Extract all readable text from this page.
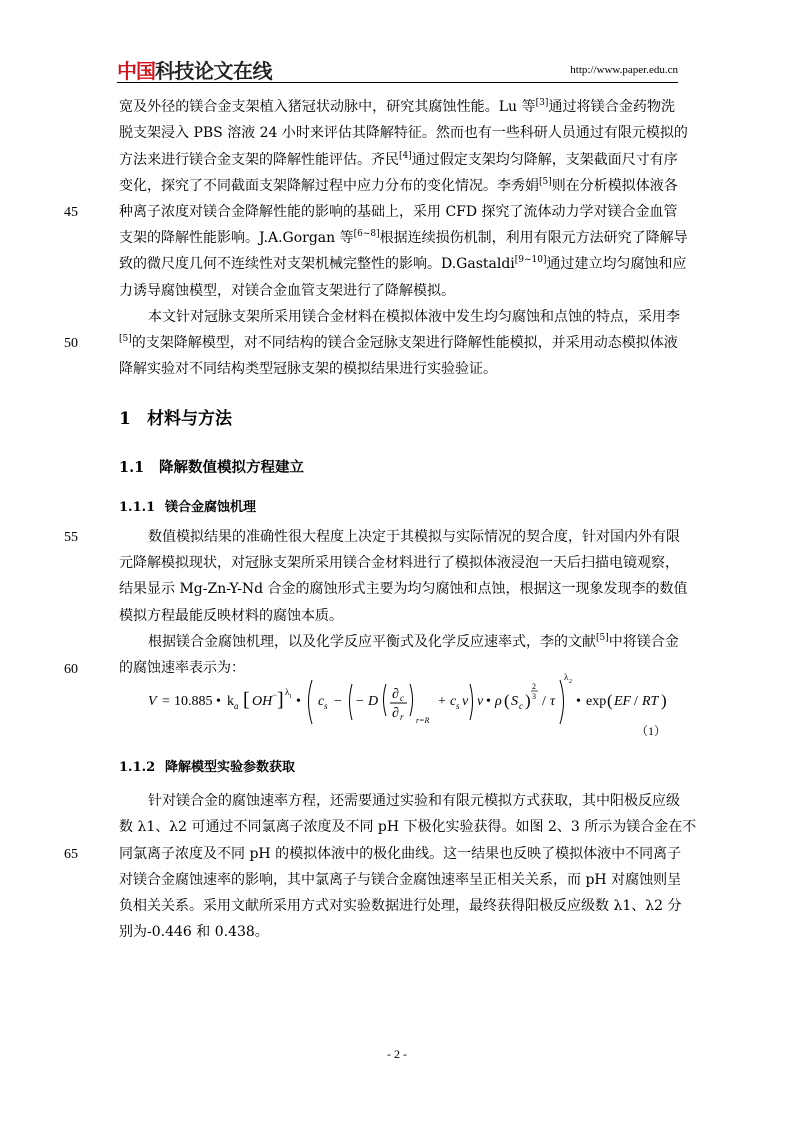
中国 科技论文在线	http://www.paper.edu.cn
宽及外径的镁合金支架植入猪冠状动脉中，研究其腐蚀性能。Lu 等[3]通过将镁合金药物洗
脱支架浸入 PBS 溶液 24 小时来评估其降解特征。然而也有一些科研人员通过有限元模拟的
方法来进行镁合金支架的降解性能评估。齐民[4]通过假定支架均匀降解，支架截面尺寸有序
变化，探究了不同截面支架降解过程中应力分布的变化情况。李秀娟[5]则在分析模拟体液各
种离子浓度对镁合金降解性能的影响的基础上，采用 CFD 探究了流体动力学对镁合金血管
支架的降解性能影响。J.A.Gorgan 等[6~8]根据连续损伤机制，利用有限元方法研究了降解导
致的微尺度几何不连续性对支架机械完整性的影响。D.Gastaldi[9~10]通过建立均匀腐蚀和应
力诱导腐蚀模型，对镁合金血管支架进行了降解模拟。
本文针对冠脉支架所采用镁合金材料在模拟体液中发生均匀腐蚀和点蚀的特点，采用李
[5]的支架降解模型，对不同结构的镁合金冠脉支架进行降解性能模拟，并采用动态模拟体液
降解实验对不同结构类型冠脉支架的模拟结果进行实验验证。
45
50
55
60
65
1 材料与方法
1.1 降解数值模拟方程建立
1.1.1 镁合金腐蚀机理
数值模拟结果的准确性很大程度上决定于其模拟与实际情况的契合度，针对国内外有限
元降解模拟现状，对冠脉支架所采用镁合金材料进行了模拟体液浸泡一天后扫描电镜观察，
结果显示 Mg-Zn-Y-Nd 合金的腐蚀形式主要为均匀腐蚀和点蚀，根据这一现象发现李的数值
模拟方程最能反映材料的腐蚀本质。
根据镁合金腐蚀机理，以及化学反应平衡式及化学反应速率式，李的文献[5]中将镁合金
的腐蚀速率表示为：
V = 10.885 • k a [ OH − ] λ 1 • c s − − D ∂ c
∂ r r=R
+ c s v v • ρ ( S c )
2
3 / τ
λ 2
• exp ( EF / RT )
（1）
1.1.2 降解模型实验参数获取
针对镁合金的腐蚀速率方程，还需要通过实验和有限元模拟方式获取，其中阳极反应级
数 λ1、λ2 可通过不同氯离子浓度及不同 pH 下极化实验获得。如图 2、3 所示为镁合金在不
同氯离子浓度及不同 pH 的模拟体液中的极化曲线。这一结果也反映了模拟体液中不同离子
对镁合金腐蚀速率的影响，其中氯离子与镁合金腐蚀速率呈正相关关系，而 pH 对腐蚀则呈
负相关关系。采用文献所采用方式对实验数据进行处理，最终获得阳极反应级数 λ1、λ2 分
别为-0.446 和 0.438。
- 2 -
